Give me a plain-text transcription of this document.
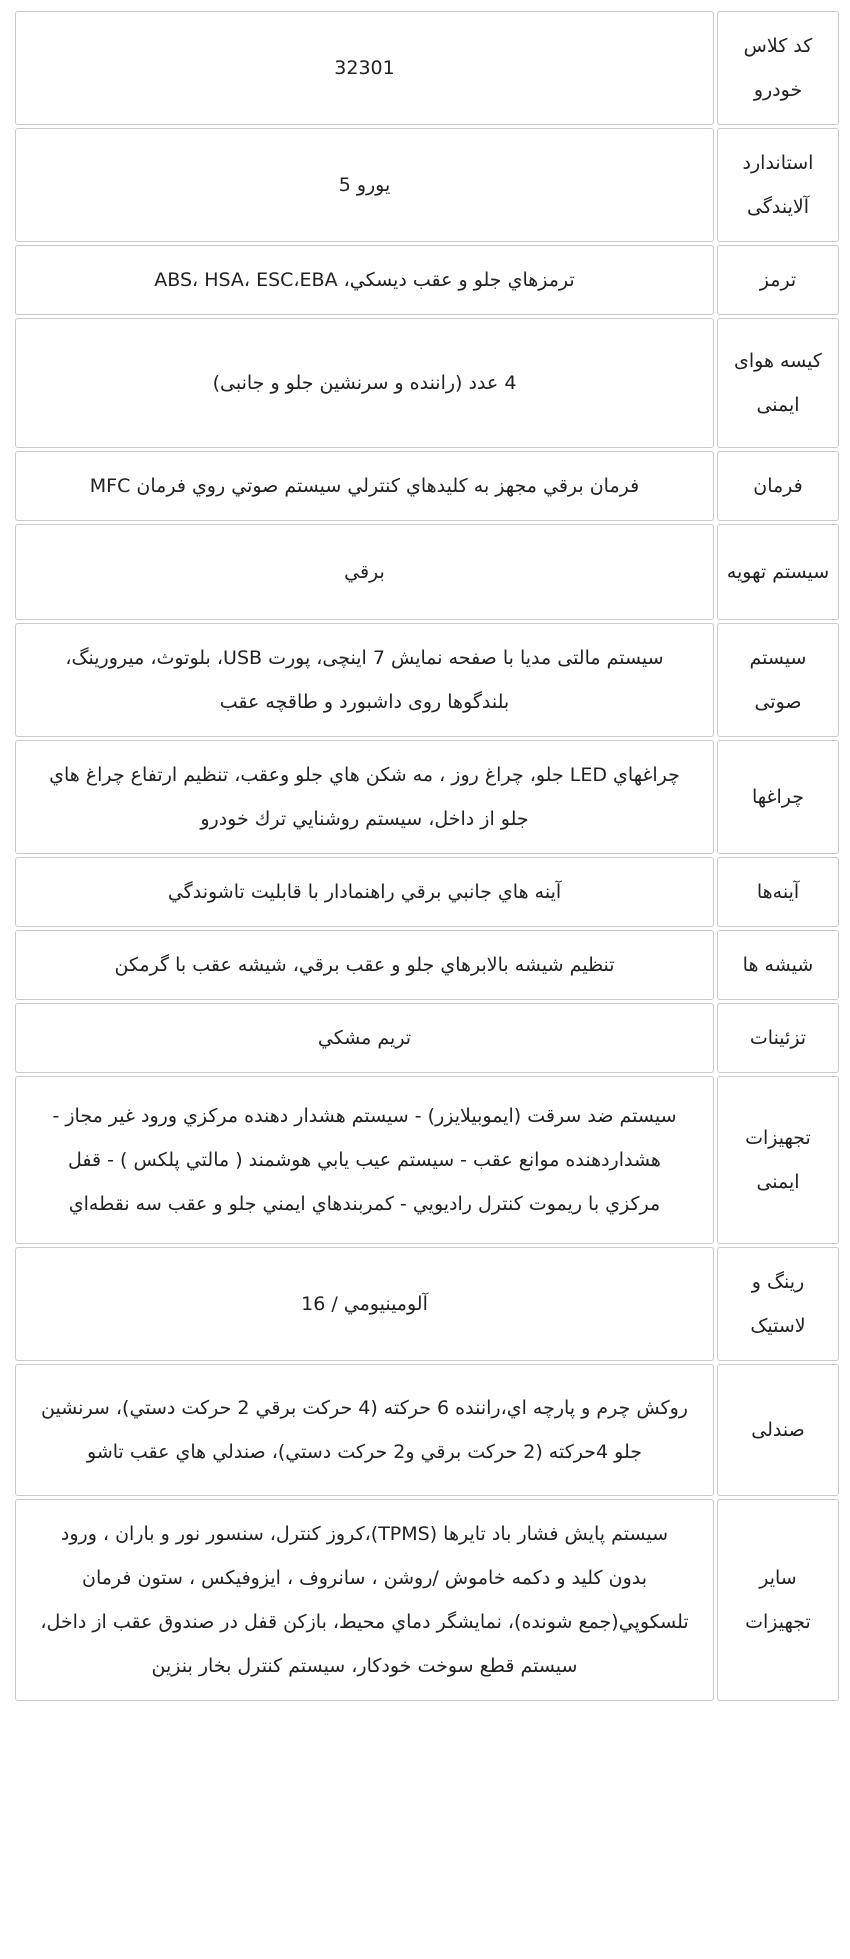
کد کلاس خودرو	32301
استاندارد آلایندگی	یورو 5
ترمز	ترمزهاي جلو و عقب ديسكي، ABS، HSA، ESC،EBA
کیسه هوای ایمنی	4 عدد (راننده و سرنشین جلو و جانبی)
فرمان	فرمان برقي مجهز به كليدهاي كنترلي سيستم صوتي روي فرمان MFC
سیستم تهویه	برقي
سیستم صوتی	سيستم مالتى مديا با صفحه نمايش 7 اينچى، پورت USB، بلوتوث، ميرورينگ، بلندگوها روى داشبورد و طاقچه عقب
چراغها	چراغهاي LED جلو، چراغ روز ، مه شكن هاي جلو وعقب، تنظيم ارتفاع چراغ هاي جلو از داخل، سيستم روشنايي ترك خودرو
آینه‌ها	آينه هاي جانبي برقي راهنمادار با قابليت تاشوندگي
شیشه ها	تنظيم شيشه بالابرهاي جلو و عقب برقي، شيشه عقب با گرمكن
تزئینات	تريم مشكي
تجهیزات ایمنی	سيستم ضد سرقت (ايموبيلايزر) - سيستم هشدار دهنده مركزي ورود غير مجاز - هشداردهنده موانع عقب - سيستم عيب يابي هوشمند ( مالتي پلكس ) - قفل مركزي با ريموت كنترل راديويي - كمربندهاي ايمني جلو و عقب سه نقطه‌اي
رینگ و لاستیک	آلومينيومي / 16
صندلی	روكش چرم و پارچه اي،راننده 6 حركته (4 حركت برقي 2 حركت دستي)، سرنشين جلو 4حركته (2 حركت برقي و2 حركت دستي)، صندلي هاي عقب تاشو
سایر تجهیزات	سيستم پايش فشار باد تايرها (TPMS)،كروز كنترل، سنسور نور و باران ، ورود بدون كليد و دكمه خاموش /روشن ، سانروف ، ايزوفيكس ، ستون فرمان تلسكوپي(جمع شونده)، نمايشگر دماي محيط، بازكن قفل در صندوق عقب از داخل، سيستم قطع سوخت خودكار، سيستم كنترل بخار بنزين
